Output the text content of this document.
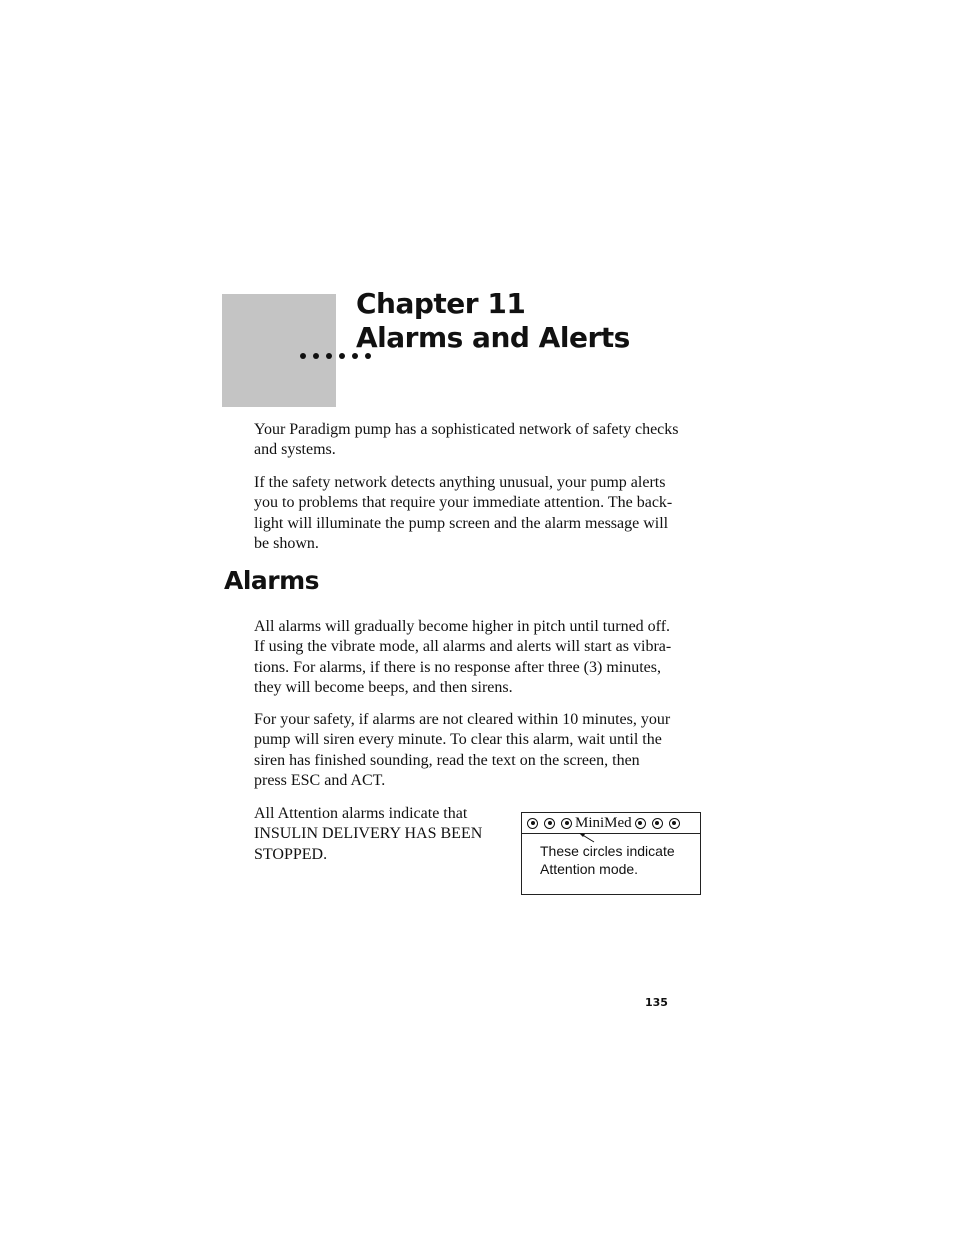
Chapter 11
Alarms and Alerts

Your Paradigm pump has a sophisticated network of safety checks
and systems.

If the safety network detects anything unusual, your pump alerts
you to problems that require your immediate attention. The back-
light will illuminate the pump screen and the alarm message will
be shown.

Alarms

All alarms will gradually become higher in pitch until turned off.
If using the vibrate mode, all alarms and alerts will start as vibra-
tions. For alarms, if there is no response after three (3) minutes,
they will become beeps, and then sirens.

For your safety, if alarms are not cleared within 10 minutes, your
pump will siren every minute. To clear this alarm, wait until the
siren has finished sounding, read the text on the screen, then
press ESC and ACT.

All Attention alarms indicate that
INSULIN DELIVERY HAS BEEN
STOPPED.

MiniMed
These circles indicate
Attention mode.
135
